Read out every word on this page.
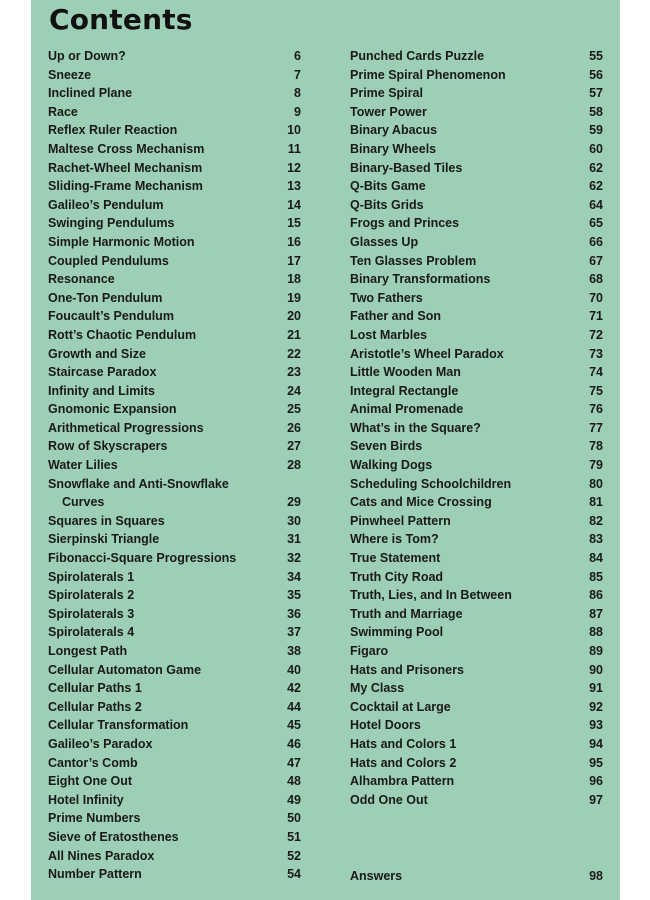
Contents
Up or Down?	6
Sneeze	7
Inclined Plane	8
Race	9
Reflex Ruler Reaction	10
Maltese Cross Mechanism	11
Rachet-Wheel Mechanism	12
Sliding-Frame Mechanism	13
Galileo’s Pendulum	14
Swinging Pendulums	15
Simple Harmonic Motion	16
Coupled Pendulums	17
Resonance	18
One-Ton Pendulum	19
Foucault’s Pendulum	20
Rott’s Chaotic Pendulum	21
Growth and Size	22
Staircase Paradox	23
Infinity and Limits	24
Gnomonic Expansion	25
Arithmetical Progressions	26
Row of Skyscrapers	27
Water Lilies	28
Snowflake and Anti-Snowflake
Curves	29
Squares in Squares	30
Sierpinski Triangle	31
Fibonacci-Square Progressions	32
Spirolaterals 1	34
Spirolaterals 2	35
Spirolaterals 3	36
Spirolaterals 4	37
Longest Path	38
Cellular Automaton Game	40
Cellular Paths 1	42
Cellular Paths 2	44
Cellular Transformation	45
Galileo’s Paradox	46
Cantor’s Comb	47
Eight One Out	48
Hotel Infinity	49
Prime Numbers	50
Sieve of Eratosthenes	51
All Nines Paradox	52
Number Pattern	54
Punched Cards Puzzle	55
Prime Spiral Phenomenon	56
Prime Spiral	57
Tower Power	58
Binary Abacus	59
Binary Wheels	60
Binary-Based Tiles	62
Q-Bits Game	62
Q-Bits Grids	64
Frogs and Princes	65
Glasses Up	66
Ten Glasses Problem	67
Binary Transformations	68
Two Fathers	70
Father and Son	71
Lost Marbles	72
Aristotle’s Wheel Paradox	73
Little Wooden Man	74
Integral Rectangle	75
Animal Promenade	76
What’s in the Square?	77
Seven Birds	78
Walking Dogs	79
Scheduling Schoolchildren	80
Cats and Mice Crossing	81
Pinwheel Pattern	82
Where is Tom?	83
True Statement	84
Truth City Road	85
Truth, Lies, and In Between	86
Truth and Marriage	87
Swimming Pool	88
Figaro	89
Hats and Prisoners	90
My Class	91
Cocktail at Large	92
Hotel Doors	93
Hats and Colors 1	94
Hats and Colors 2	95
Alhambra Pattern	96
Odd One Out	97
Answers	98
